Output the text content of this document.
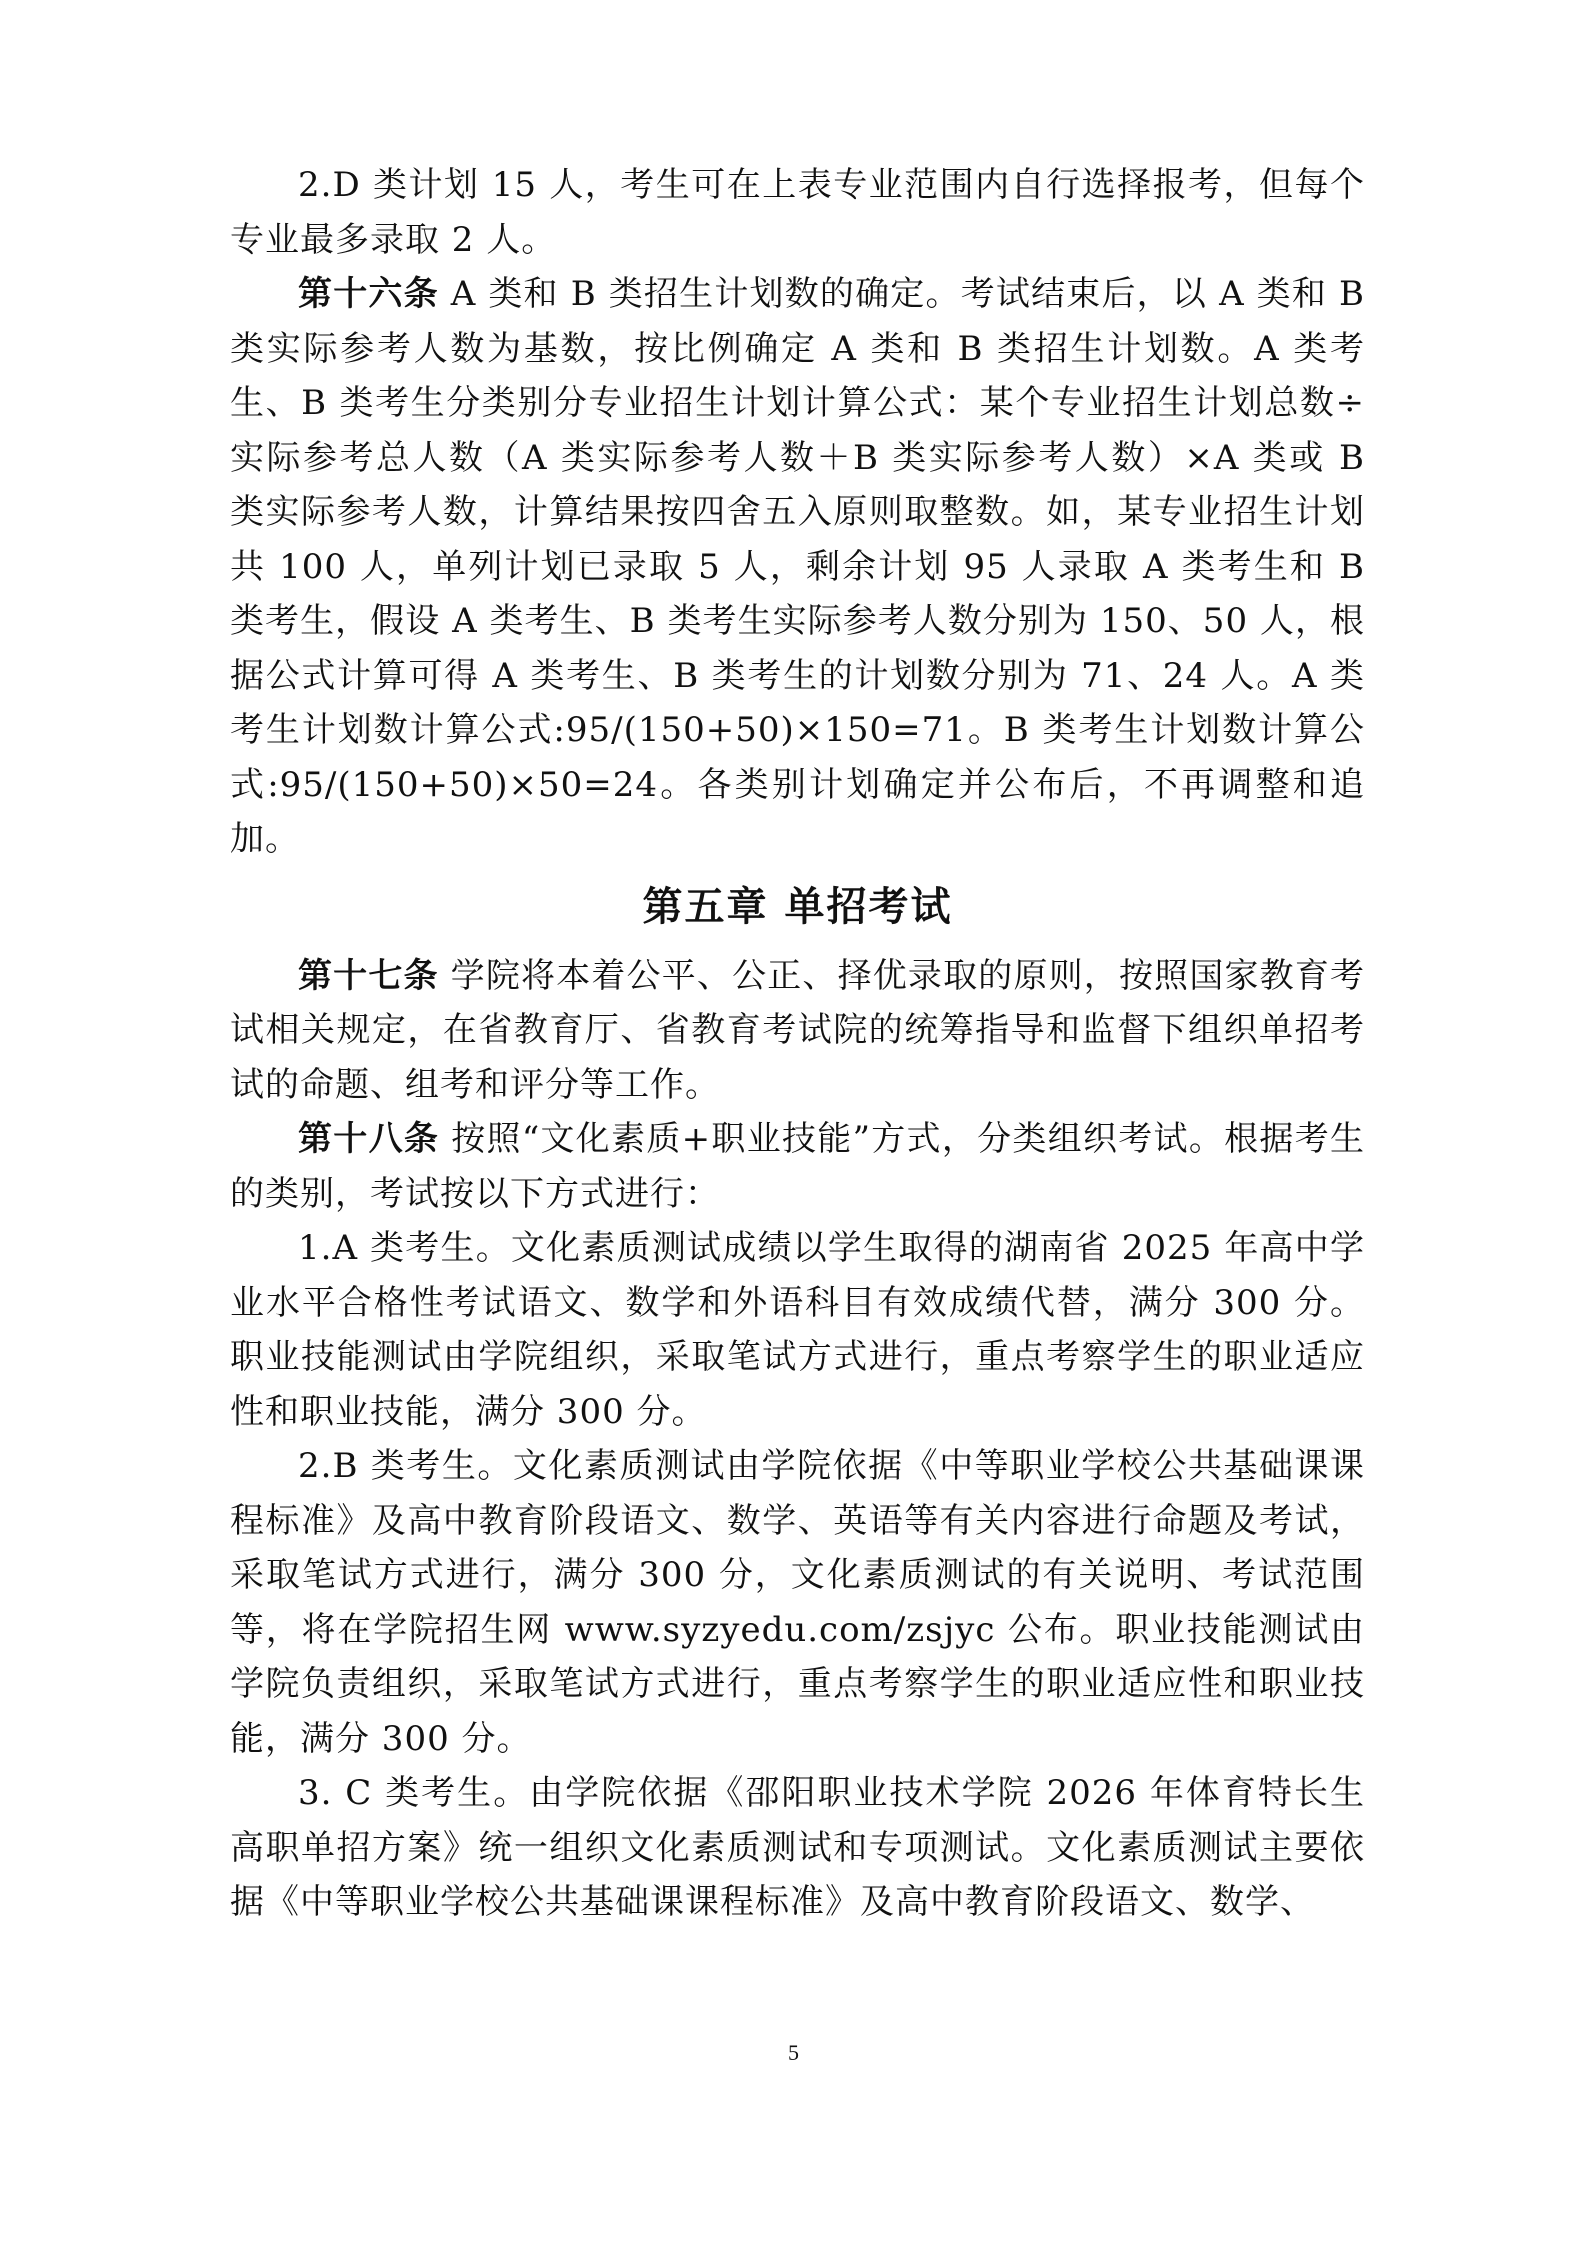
2.D 类计划 15 人，考生可在上表专业范围内自行选择报考，但每个专业最多录取 2 人。

第十六条 A 类和 B 类招生计划数的确定。考试结束后，以 A 类和 B 类实际参考人数为基数，按比例确定 A 类和 B 类招生计划数。A 类考生、B 类考生分类别分专业招生计划计算公式：某个专业招生计划总数÷实际参考总人数（A 类实际参考人数＋B 类实际参考人数）×A 类或 B 类实际参考人数，计算结果按四舍五入原则取整数。如，某专业招生计划共 100 人，单列计划已录取 5 人，剩余计划 95 人录取 A 类考生和 B 类考生，假设 A 类考生、B 类考生实际参考人数分别为 150、50 人，根据公式计算可得 A 类考生、B 类考生的计划数分别为 71、24 人。A 类考生计划数计算公式:95/(150+50)×150=71。B 类考生计划数计算公式:95/(150+50)×50=24。各类别计划确定并公布后，不再调整和追加。

第五章 单招考试

第十七条 学院将本着公平、公正、择优录取的原则，按照国家教育考试相关规定，在省教育厅、省教育考试院的统筹指导和监督下组织单招考试的命题、组考和评分等工作。

第十八条 按照“文化素质+职业技能”方式，分类组织考试。根据考生的类别，考试按以下方式进行：

1.A 类考生。文化素质测试成绩以学生取得的湖南省 2025 年高中学业水平合格性考试语文、数学和外语科目有效成绩代替，满分 300 分。职业技能测试由学院组织，采取笔试方式进行，重点考察学生的职业适应性和职业技能，满分 300 分。

2.B 类考生。文化素质测试由学院依据《中等职业学校公共基础课课程标准》及高中教育阶段语文、数学、英语等有关内容进行命题及考试，采取笔试方式进行，满分 300 分，文化素质测试的有关说明、考试范围等，将在学院招生网 www.syzyedu.com/zsjyc 公布。职业技能测试由学院负责组织，采取笔试方式进行，重点考察学生的职业适应性和职业技能，满分 300 分。

3. C 类考生。由学院依据《邵阳职业技术学院 2026 年体育特长生高职单招方案》统一组织文化素质测试和专项测试。文化素质测试主要依据《中等职业学校公共基础课课程标准》及高中教育阶段语文、数学、

5
